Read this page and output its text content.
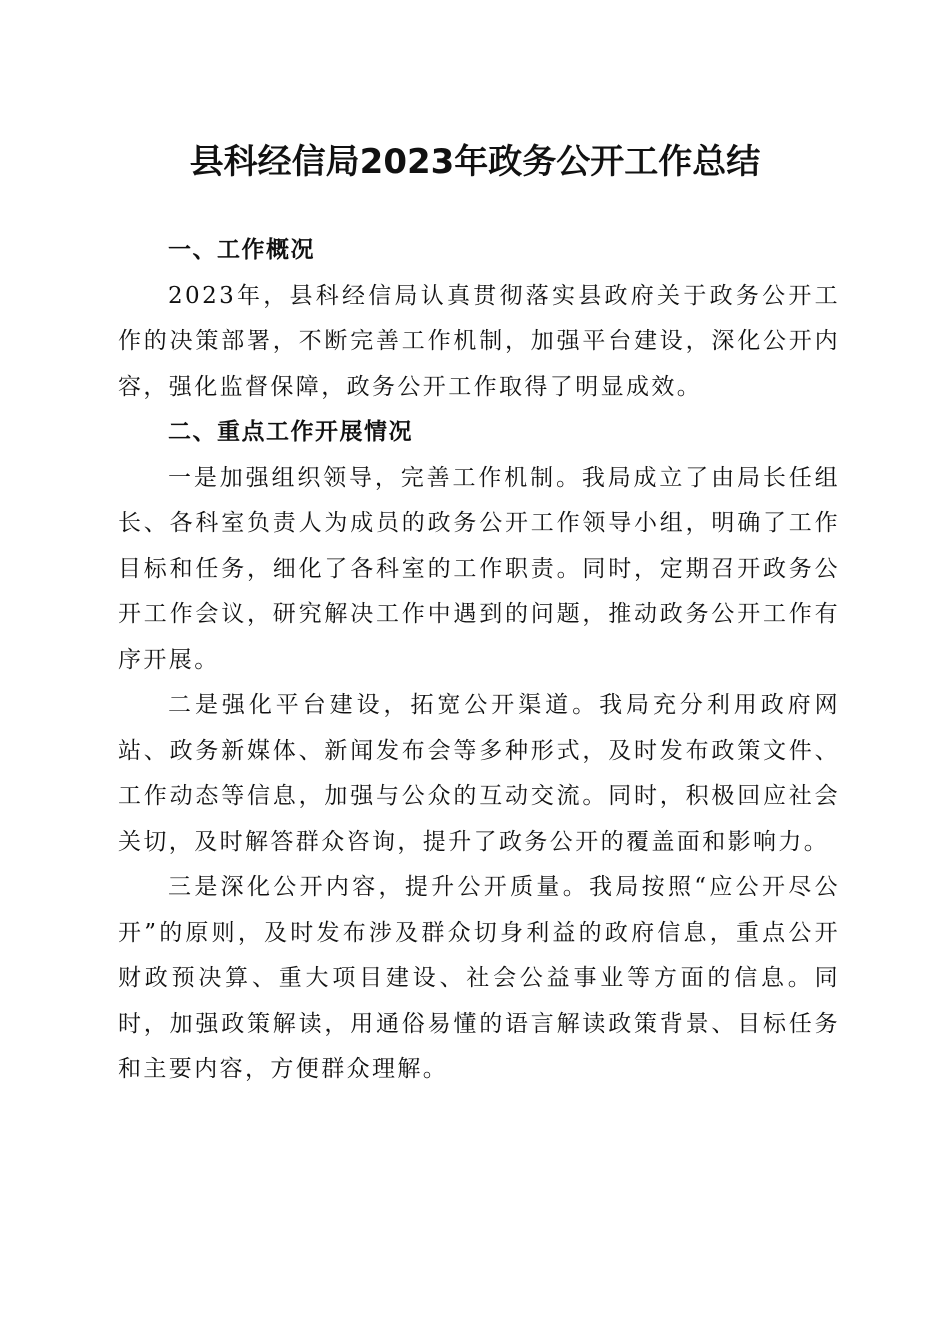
县科经信局2023年政务公开工作总结

一、工作概况

2023年，县科经信局认真贯彻落实县政府关于政务公开工作的决策部署，不断完善工作机制，加强平台建设，深化公开内容，强化监督保障，政务公开工作取得了明显成效。

二、重点工作开展情况

一是加强组织领导，完善工作机制。我局成立了由局长任组长、各科室负责人为成员的政务公开工作领导小组，明确了工作目标和任务，细化了各科室的工作职责。同时，定期召开政务公开工作会议，研究解决工作中遇到的问题，推动政务公开工作有序开展。

二是强化平台建设，拓宽公开渠道。我局充分利用政府网站、政务新媒体、新闻发布会等多种形式，及时发布政策文件、工作动态等信息，加强与公众的互动交流。同时，积极回应社会关切，及时解答群众咨询，提升了政务公开的覆盖面和影响力。

三是深化公开内容，提升公开质量。我局按照“应公开尽公开”的原则，及时发布涉及群众切身利益的政府信息，重点公开财政预决算、重大项目建设、社会公益事业等方面的信息。同时，加强政策解读，用通俗易懂的语言解读政策背景、目标任务和主要内容，方便群众理解。
